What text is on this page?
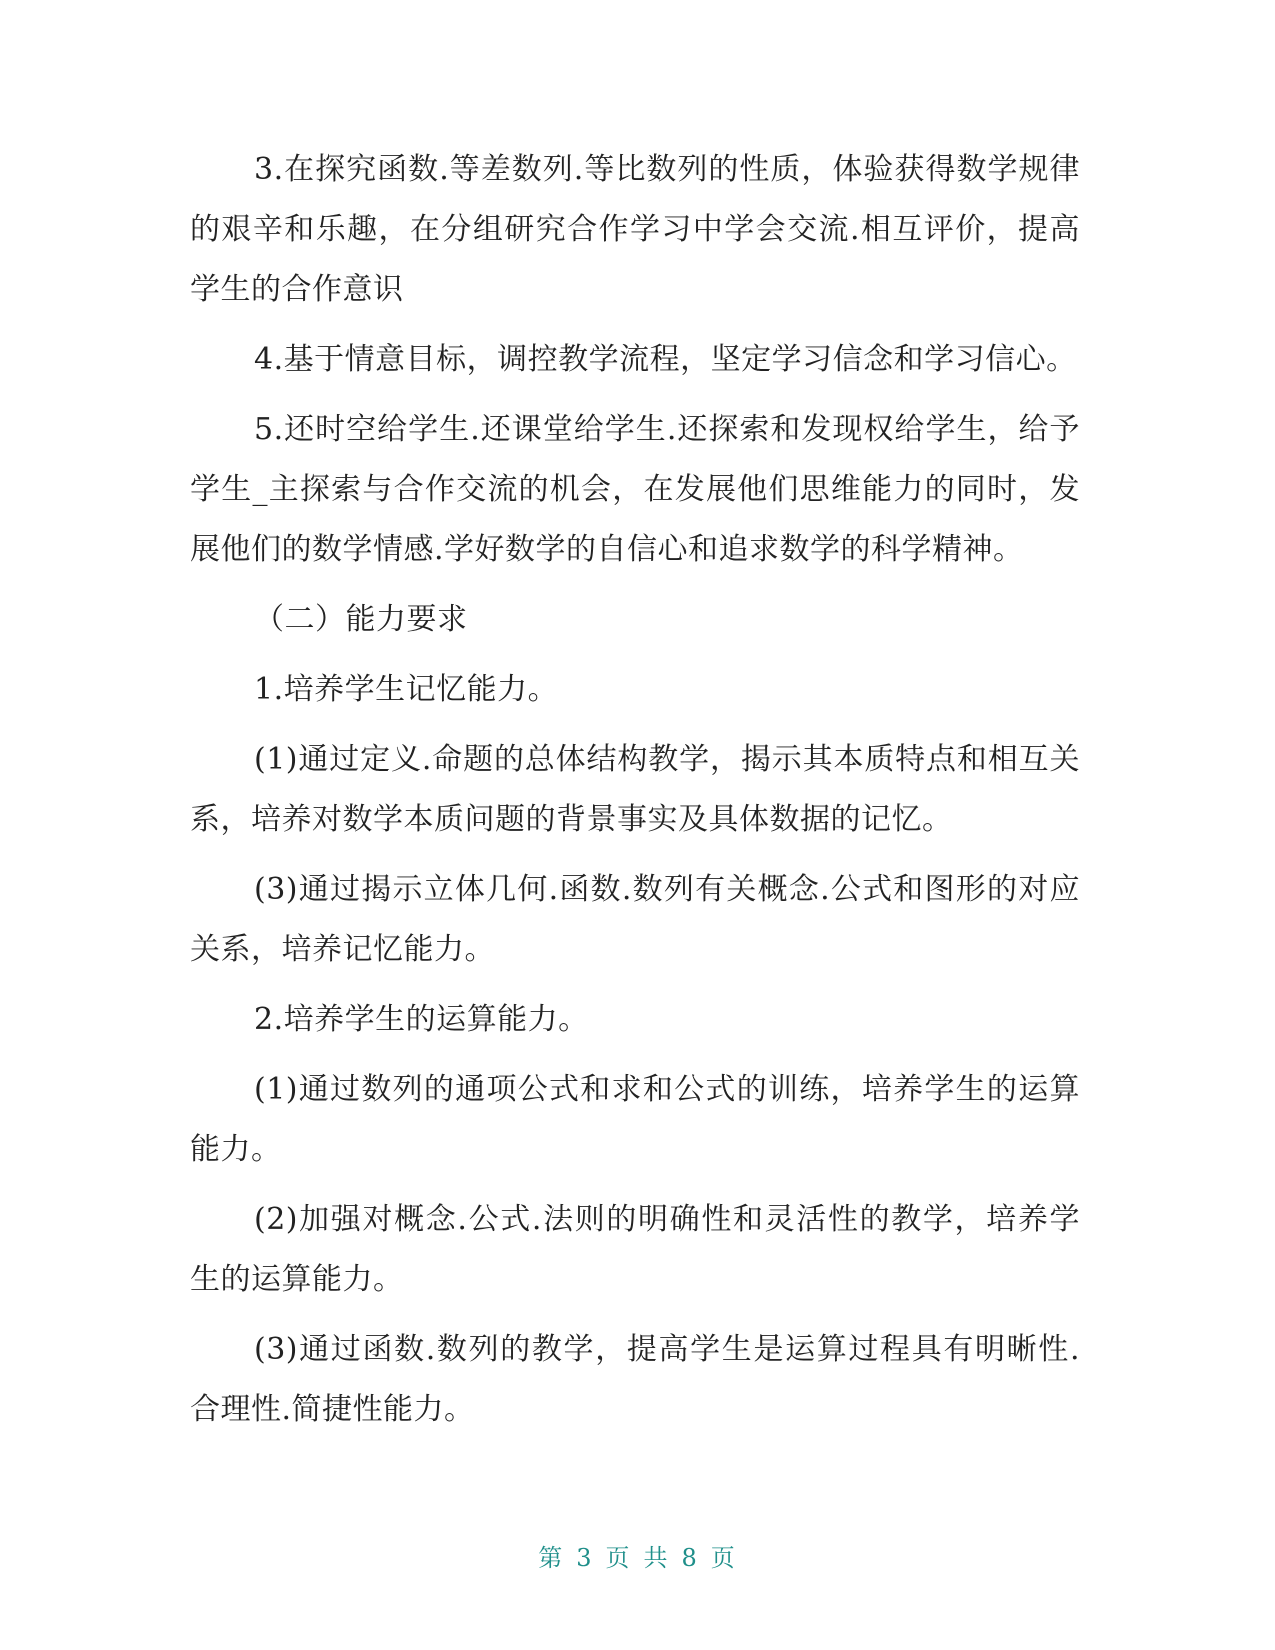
3.在探究函数.等差数列.等比数列的性质，体验获得数学规律的艰辛和乐趣，在分组研究合作学习中学会交流.相互评价，提高学生的合作意识

4.基于情意目标，调控教学流程，坚定学习信念和学习信心。

5.还时空给学生.还课堂给学生.还探索和发现权给学生，给予学生_主探索与合作交流的机会，在发展他们思维能力的同时，发展他们的数学情感.学好数学的自信心和追求数学的科学精神。

（二）能力要求

1.培养学生记忆能力。

(1)通过定义.命题的总体结构教学，揭示其本质特点和相互关系，培养对数学本质问题的背景事实及具体数据的记忆。

(3)通过揭示立体几何.函数.数列有关概念.公式和图形的对应关系，培养记忆能力。

2.培养学生的运算能力。

(1)通过数列的通项公式和求和公式的训练，培养学生的运算能力。

(2)加强对概念.公式.法则的明确性和灵活性的教学，培养学生的运算能力。

(3)通过函数.数列的教学，提高学生是运算过程具有明晰性.合理性.简捷性能力。

第 3 页 共 8 页
